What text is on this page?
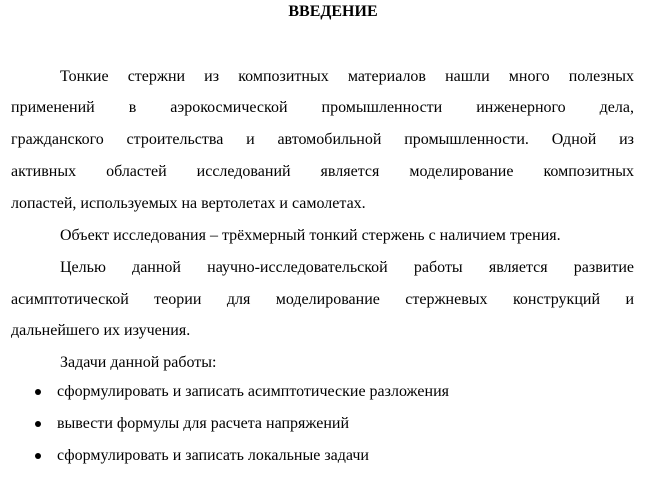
ВВЕДЕНИЕ
Тонкие стержни из композитных материалов нашли много полезных
применений в аэрокосмической промышленности инженерного дела,
гражданского строительства и автомобильной промышленности. Одной из
активных областей исследований является моделирование композитных
лопастей, используемых на вертолетах и самолетах.
Объект исследования – трёхмерный тонкий стержень с наличием трения.
Целью данной научно-исследовательской работы является развитие
асимптотической теории для моделирование стержневых конструкций и
дальнейшего их изучения.
Задачи данной работы:
сформулировать и записать асимптотические разложения
вывести формулы для расчета напряжений
сформулировать и записать локальные задачи
